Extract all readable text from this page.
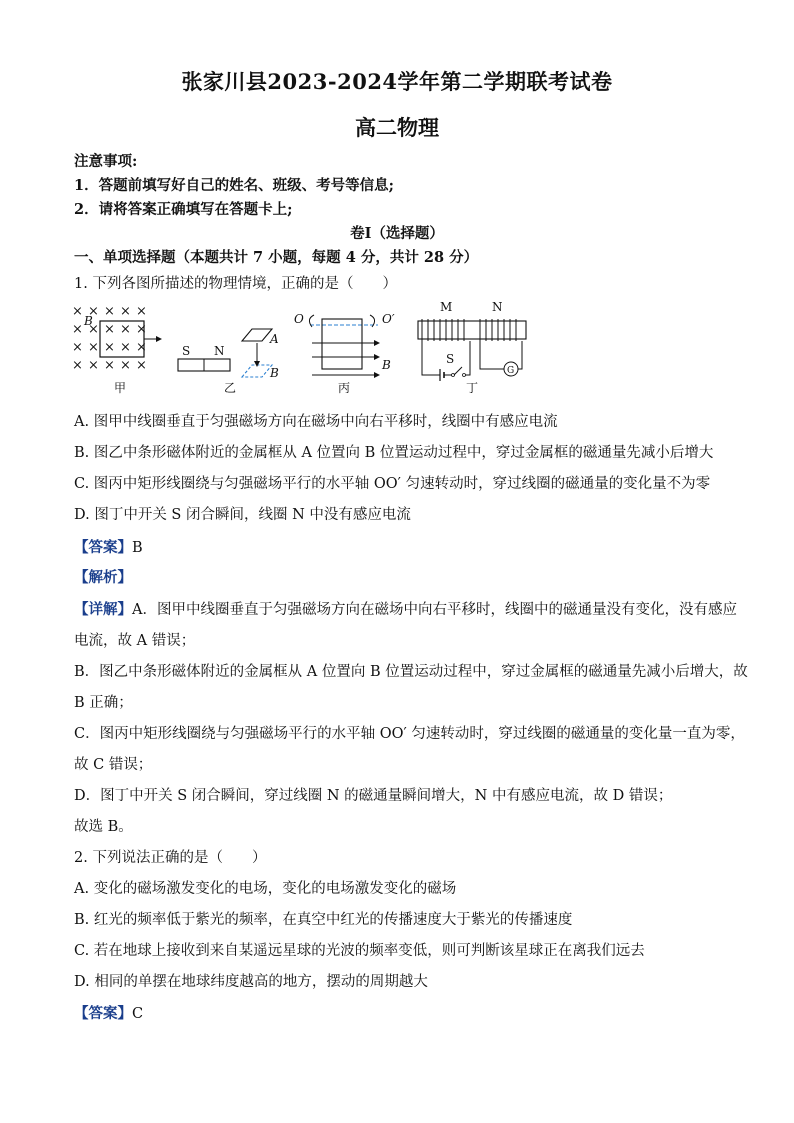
张家川县2023-2024学年第二学期联考试卷
高二物理
注意事项:
1．答题前填写好自己的姓名、班级、考号等信息;
2．请将答案正确填写在答题卡上;
卷Ⅰ（选择题）
一、单项选择题（本题共计 7 小题，每题 4 分，共计 28 分）
1. 下列各图所描述的物理情境，正确的是（　　）
× × × × ×
× × × × ×
× × × × ×
× × × × ×
B
甲
S N
A
B
乙
O	O′
B
丙
M	N
S
G
丁
A. 图甲中线圈垂直于匀强磁场方向在磁场中向右平移时，线圈中有感应电流
B. 图乙中条形磁体附近的金属框从 A 位置向 B 位置运动过程中，穿过金属框的磁通量先减小后增大
C. 图丙中矩形线圈绕与匀强磁场平行的水平轴 OO′ 匀速转动时，穿过线圈的磁通量的变化量不为零
D. 图丁中开关 S 闭合瞬间，线圈 N 中没有感应电流
【答案】B
【解析】
【详解】A．图甲中线圈垂直于匀强磁场方向在磁场中向右平移时，线圈中的磁通量没有变化，没有感应
电流，故 A 错误；
B．图乙中条形磁体附近的金属框从 A 位置向 B 位置运动过程中，穿过金属框的磁通量先减小后增大，故
B 正确；
C．图丙中矩形线圈绕与匀强磁场平行的水平轴 OO′ 匀速转动时，穿过线圈的磁通量的变化量一直为零，
故 C 错误；
D．图丁中开关 S 闭合瞬间，穿过线圈 N 的磁通量瞬间增大，N 中有感应电流，故 D 错误；
故选 B。
2. 下列说法正确的是（　　）
A. 变化的磁场激发变化的电场，变化的电场激发变化的磁场
B. 红光的频率低于紫光的频率，在真空中红光的传播速度大于紫光的传播速度
C. 若在地球上接收到来自某遥远星球的光波的频率变低，则可判断该星球正在离我们远去
D. 相同的单摆在地球纬度越高的地方，摆动的周期越大
【答案】C
